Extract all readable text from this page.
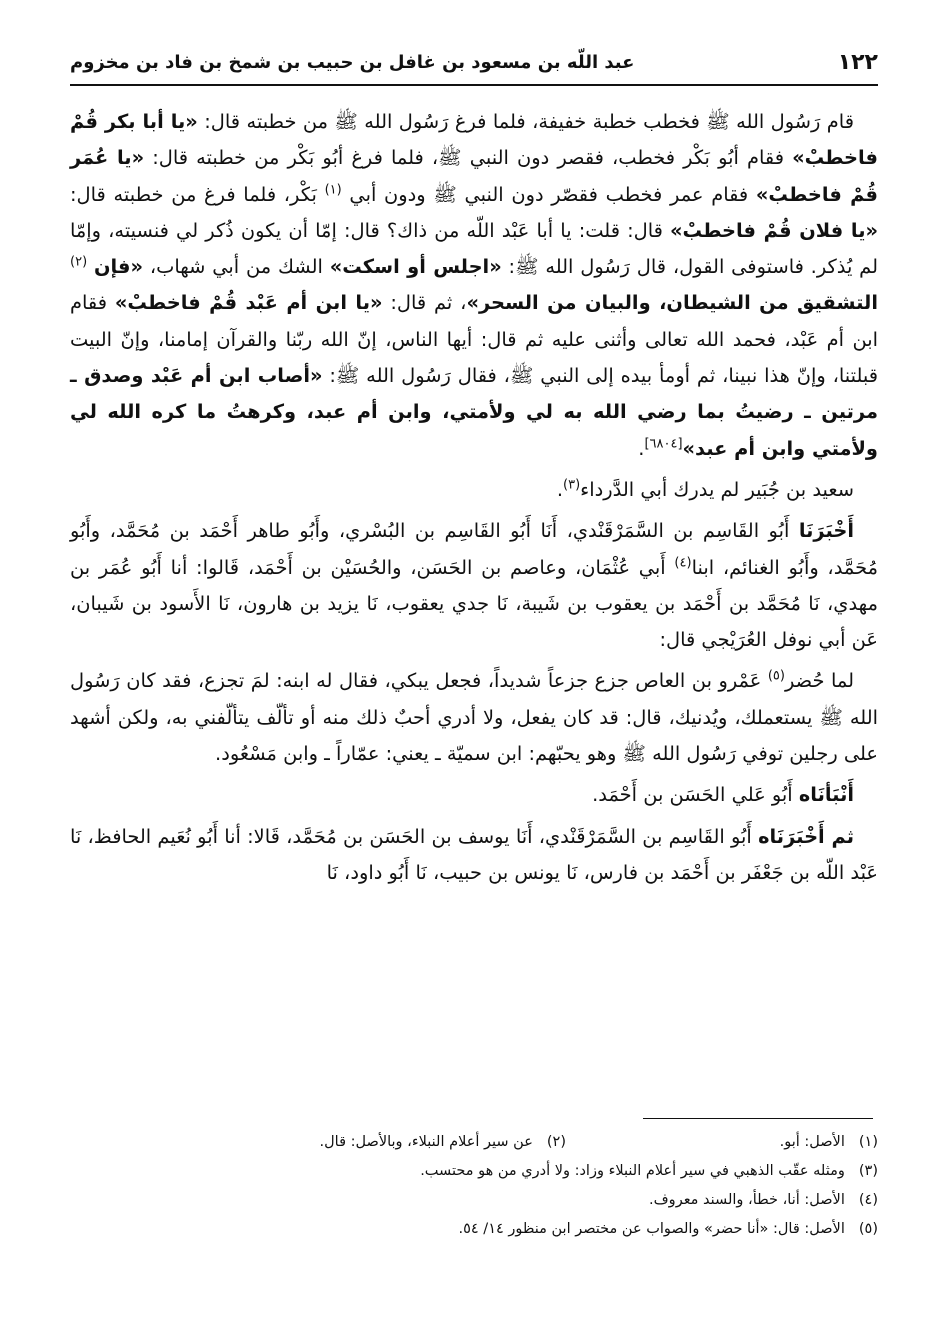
١٢٢
عبد اللّه بن مسعود بن غافل بن حبيب بن شمخ بن فاد بن مخزوم

قام رَسُول الله ﷺ فخطب خطبة خفيفة، فلما فرغ رَسُول الله ﷺ من خطبته قال: «يا أبا بكر قُمْ فاخطبْ» فقام أبُو بَكْر فخطب، فقصر دون النبي ﷺ، فلما فرغ أبُو بَكْر من خطبته قال: «يا عُمَر قُمْ فاخطبْ» فقام عمر فخطب فقصّر دون النبي ﷺ ودون أبي $^{(١)}$ بَكْر، فلما فرغ من خطبته قال: «يا فلان قُمْ فاخطبْ» قال: قلت: يا أبا عَبْد اللّه من ذاك؟ قال: إمّا أن يكون ذُكر لي فنسيته، وإمّا لم يُذكر. فاستوفى القول، قال رَسُول الله ﷺ: «اجلس أو اسكت» الشك من أبي شهاب، «فإن $^{(٢)}$ التشقيق من الشيطان، والبيان من السحر»، ثم قال: «يا ابن أم عَبْد قُمْ فاخطبْ» فقام ابن أم عَبْد، فحمد الله تعالى وأثنى عليه ثم قال: أيها الناس، إنّ الله ربّنا والقرآن إمامنا، وإنّ البيت قبلتنا، وإنّ هذا نبينا، ثم أومأ بيده إلى النبي ﷺ، فقال رَسُول الله ﷺ: «أصاب ابن أم عَبْد وصدق ـ مرتين ـ رضيتُ بما رضي الله به لي ولأمتي، وابن أم عبد، وكرهتُ ما كره الله لي ولأمتي وابن أم عبد»[٦٨٠٤].

سعيد بن جُبَير لم يدرك أبي الدَّرداء$^{(٣)}$.

أَخْبَرَنَا أَبُو القَاسِم بن السَّمَرْقَنْدي، أَنَا أَبُو القَاسِم بن البُسْري، وأَبُو طاهر أَحْمَد بن مُحَمَّد، وأَبُو مُحَمَّد، وأَبُو الغنائم، ابنا$^{(٤)}$ أَبي عُثْمَان، وعاصم بن الحَسَن، والحُسَيْن بن أَحْمَد، قَالوا: أنا أَبُو عُمَر بن مهدي، نَا مُحَمَّد بن أَحْمَد بن يعقوب بن شَيبة، نَا جدي يعقوب، نَا يزيد بن هارون، نَا الأَسود بن شَيبان، عَن أبي نوفل العُرَيْجي قال:

لما حُضر$^{(٥)}$ عَمْرو بن العاص جزع جزعاً شديداً، فجعل يبكي، فقال له ابنه: لمَ تجزع، فقد كان رَسُول الله ﷺ يستعملك، ويُدنيك، قال: قد كان يفعل، ولا أدري أحبٌ ذلك منه أو تألّف يتألّفني به، ولكن أشهد على رجلين توفي رَسُول الله ﷺ وهو يحبّهم: ابن سميّة ـ يعني: عمّاراً ـ وابن مَسْعُود.

أَنْبَأنَاه أَبُو عَلي الحَسَن بن أَحْمَد.

ثم أَخْبَرَنَاه أَبُو القَاسِم بن السَّمَرْقَنْدي، أَنَا يوسف بن الحَسَن بن مُحَمَّد، قَالا: أنا أَبُو نُعَيم الحافظ، نَا عَبْد اللّه بن جَعْفَر بن أَحْمَد بن فارس، نَا يونس بن حبيب، نَا أَبُو داود، نَا

(١)الأصل: أبو.
(٢)عن سير أعلام النبلاء، وبالأصل: قال.
(٣)ومثله عقّب الذهبي في سير أعلام النبلاء وزاد: ولا أدري من هو محتسب.
(٤)الأصل: أنا، خطأ، والسند معروف.
(٥)الأصل: قال: «أنا حضر» والصواب عن مختصر ابن منظور ١٤/ ٥٤.
